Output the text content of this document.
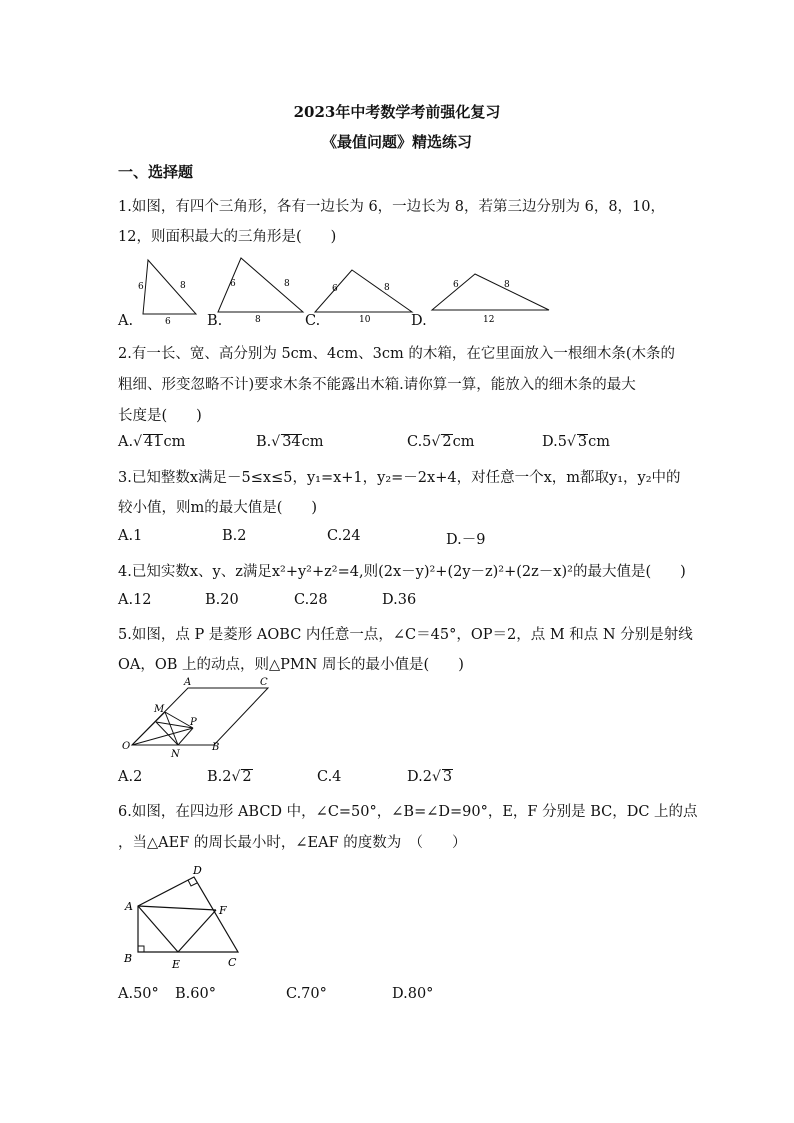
2023年中考数学考前强化复习
《最值问题》精选练习
一、选择题
1.如图，有四个三角形，各有一边长为 6，一边长为 8，若第三边分别为 6，8，10，
12，则面积最大的三角形是(　　)
6	8
6
6	8
8
6	8
10
6	8
12
A.	B.	C.	D.
2.有一长、宽、高分别为 5cm、4cm、3cm 的木箱，在它里面放入一根细木条(木条的
粗细、形变忽略不计)要求木条不能露出木箱.请你算一算，能放入的细木条的最大
长度是(　　)
A.√ 41cm	B.√ 34cm	C.5√ 2cm	D.5√ 3cm
3.已知整数x满足－5≤x≤5，y₁=x+1，y₂=－2x+4，对任意一个x，m都取y₁，y₂中的
较小值，则m的最大值是(　　)
A.1	B.2	C.24	D.－9
4.已知实数x、y、z满足x²+y²+z²=4,则(2x－y)²+(2y－z)²+(2z－x)²的最大值是(　　)
A.12	B.20	C.28	D.36
5.如图，点 P 是菱形 AOBC 内任意一点，∠C＝45°，OP＝2，点 M 和点 N 分别是射线
OA，OB 上的动点，则△PMN 周长的最小值是(　　)
A	C
M
P
O
N
B
A.2	B.2√ 2	C.4	D.2√ 3
6.如图，在四边形 ABCD 中，∠C=50°，∠B=∠D=90°，E，F 分别是 BC，DC 上的点
，当△AEF 的周长最小时，∠EAF 的度数为　（　　）
D
A	F
B	E	C
A.50° B.60°	C.70°	D.80°
